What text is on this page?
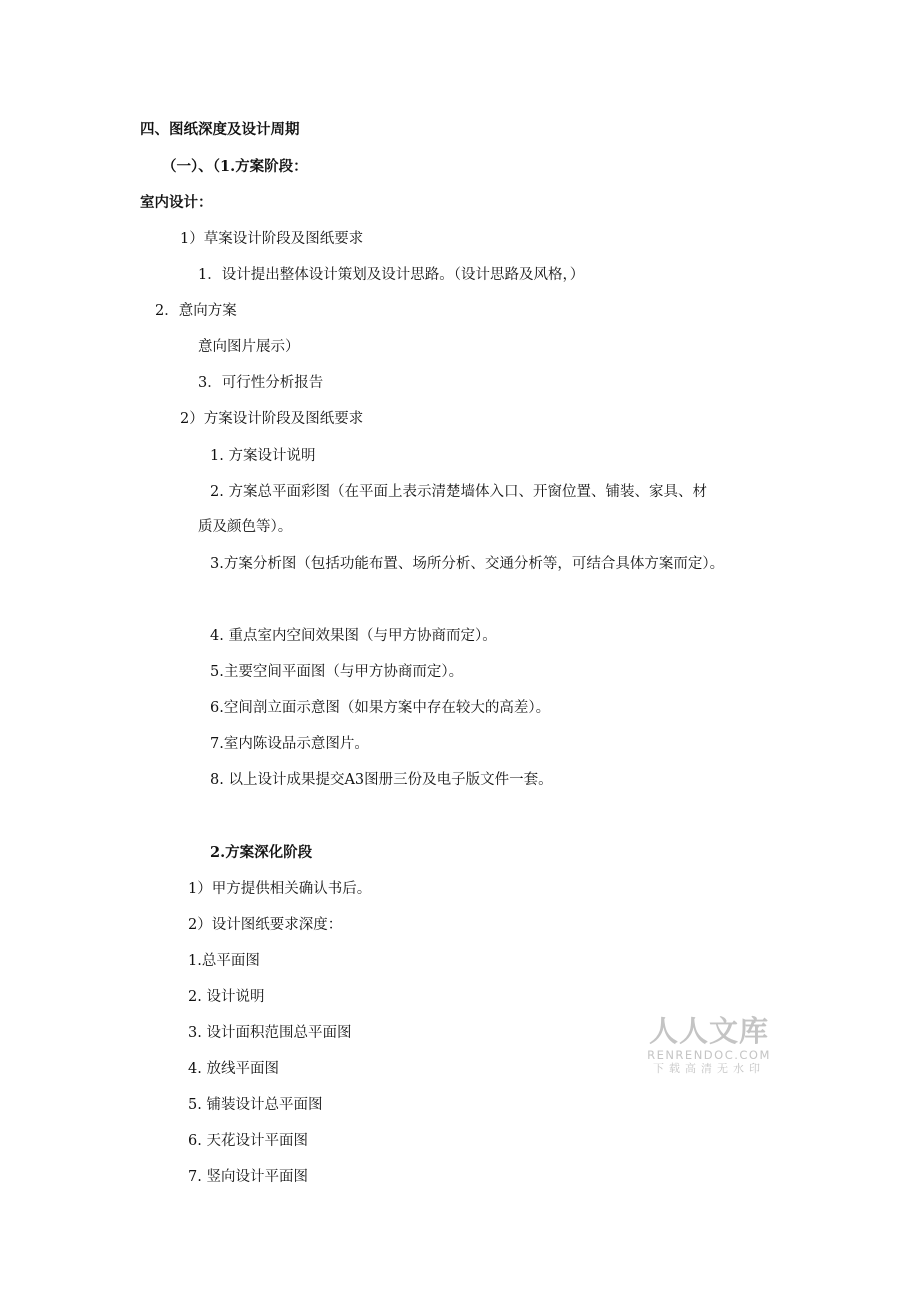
四、图纸深度及设计周期
（一）、（1.方案阶段：
室内设计：
1）草案设计阶段及图纸要求
1．设计提出整体设计策划及设计思路。（设计思路及风格，）
2．意向方案
意向图片展示）
3．可行性分析报告
2）方案设计阶段及图纸要求
1. 方案设计说明
2. 方案总平面彩图（在平面上表示清楚墙体入口、开窗位置、铺装、家具、材
质及颜色等）。
3.方案分析图（包括功能布置、场所分析、交通分析等，可结合具体方案而定）。
4. 重点室内空间效果图（与甲方协商而定）。
5.主要空间平面图（与甲方协商而定）。
6.空间剖立面示意图（如果方案中存在较大的高差）。
7.室内陈设品示意图片。
8. 以上设计成果提交A3图册三份及电子版文件一套。
2.方案深化阶段
1）甲方提供相关确认书后。
2）设计图纸要求深度：
1.总平面图
2. 设计说明
3. 设计面积范围总平面图
4. 放线平面图
5. 铺装设计总平面图
6. 天花设计平面图
7. 竖向设计平面图
人人文库
RENRENDOC.COM
下载高清无水印
